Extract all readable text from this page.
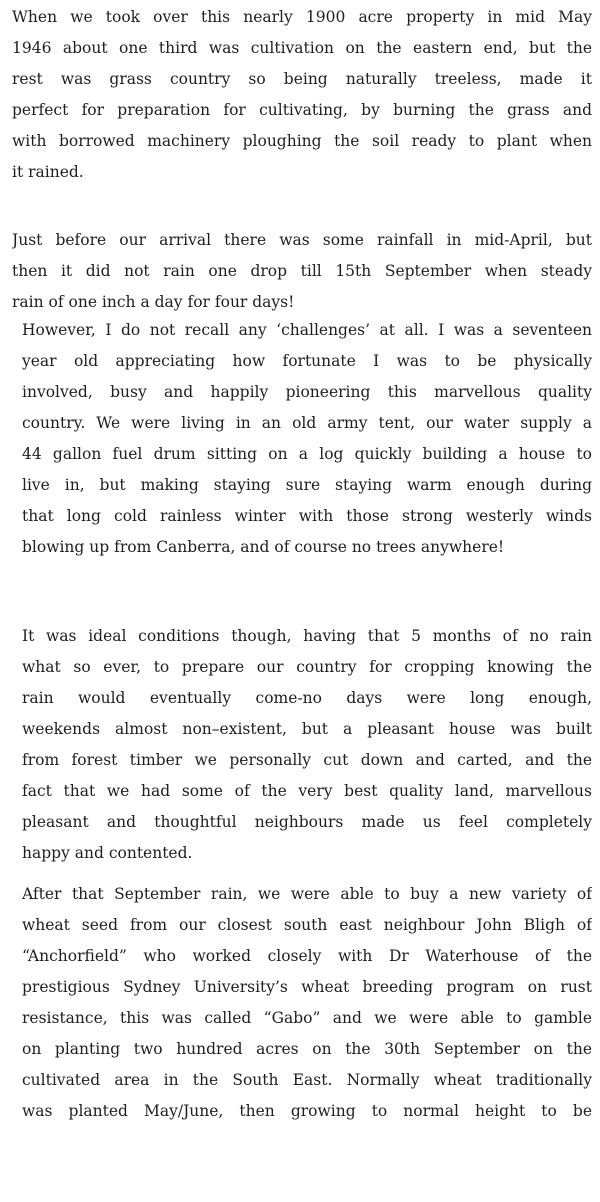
When we took over this nearly 1900 acre property in mid May
1946 about one third was cultivation on the eastern end, but the
rest was grass country so being naturally treeless, made it
perfect for preparation for cultivating, by burning the grass and
with borrowed machinery ploughing the soil ready to plant when
it rained.

Just before our arrival there was some rainfall in mid-April, but
then it did not rain one drop till 15th September when steady
rain of one inch a day for four days!

However, I do not recall any ‘challenges’ at all. I was a seventeen
year old appreciating how fortunate I was to be physically
involved, busy and happily pioneering this marvellous quality
country. We were living in an old army tent, our water supply a
44 gallon fuel drum sitting on a log quickly building a house to
live in, but making staying sure staying warm enough during
that long cold rainless winter with those strong westerly winds
blowing up from Canberra, and of course no trees anywhere!

It was ideal conditions though, having that 5 months of no rain
what so ever, to prepare our country for cropping knowing the
rain would eventually come-no days were long enough,
weekends almost non–existent, but a pleasant house was built
from forest timber we personally cut down and carted, and the
fact that we had some of the very best quality land, marvellous
pleasant and thoughtful neighbours made us feel completely
happy and contented.

After that September rain, we were able to buy a new variety of
wheat seed from our closest south east neighbour John Bligh of
“Anchorfield” who worked closely with Dr Waterhouse of the
prestigious Sydney University’s wheat breeding program on rust
resistance, this was called “Gabo” and we were able to gamble
on planting two hundred acres on the 30th September on the
cultivated area in the South East. Normally wheat traditionally
was planted May/June, then growing to normal height to be
